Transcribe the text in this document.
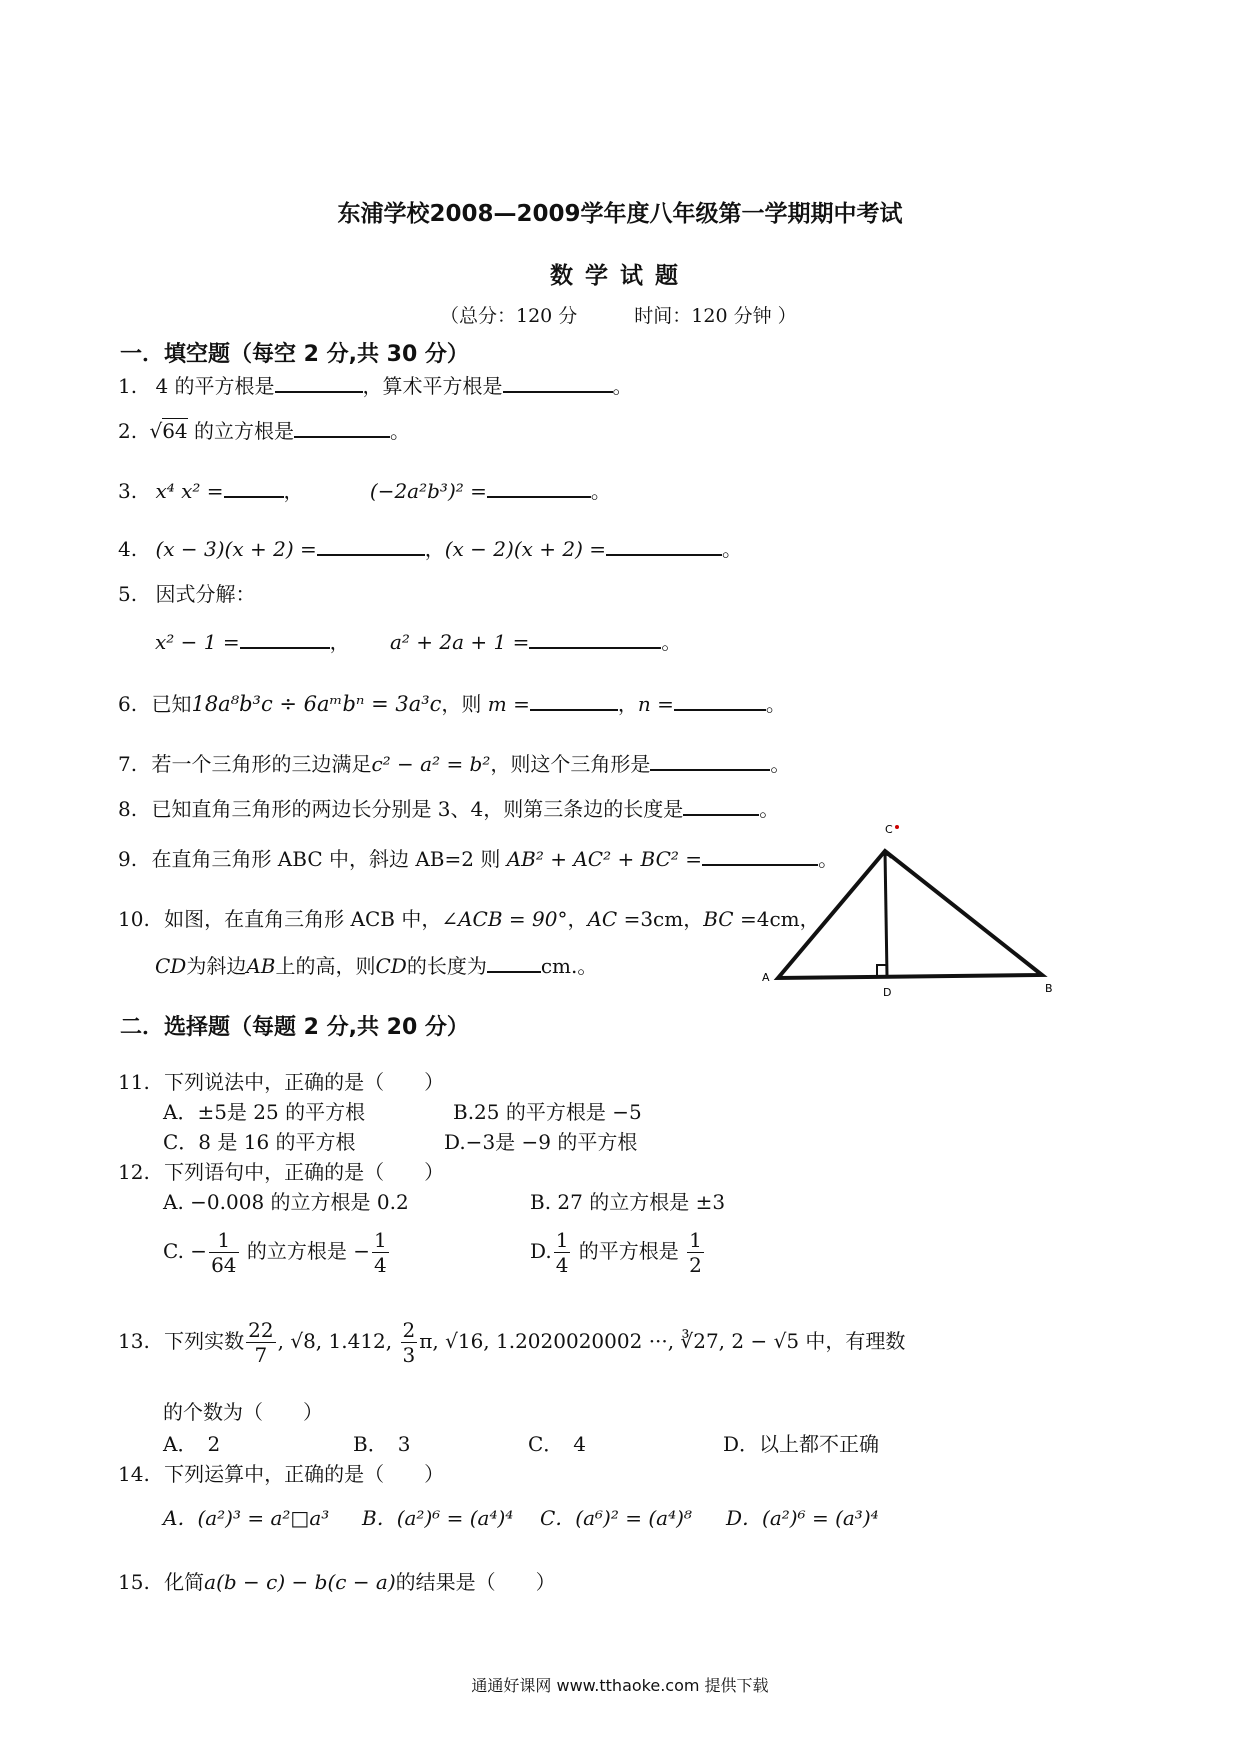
东浦学校2008—2009学年度八年级第一学期期中考试
数学试题
（总分：120 分　　　时间：120 分钟 ）
一．填空题（每空 2 分,共 30 分）
1. 4 的平方根是	，算术平方根是	。
2. √64 的立方根是	。
3. x⁴ x² =	，	(−2a²b³)² =	。
4. (x − 3)(x + 2) =	，(x − 2)(x + 2) =	。
5. 因式分解：
x² − 1 =	， a² + 2a + 1 =	。
6. 已知18a⁸b³c ÷ 6aᵐbⁿ = 3a³c，则 m =	，n =	。
7. 若一个三角形的三边满足c² − a² = b²，则这个三角形是	。
8. 已知直角三角形的两边长分别是 3、4，则第三条边的长度是	。
9. 在直角三角形 ABC 中，斜边 AB=2 则 AB² + AC² + BC² =	。
10. 如图，在直角三角形 ACB 中，∠ACB = 90°，AC =3cm，BC =4cm，
CD为斜边AB上的高，则CD的长度为	cm.。
C
A
B
D
二．选择题（每题 2 分,共 20 分）
11. 下列说法中，正确的是（　　）
A．±5是 25 的平方根	B.25 的平方根是 −5
C．8 是 16 的平方根	D.−3是 −9 的平方根
12. 下列语句中，正确的是（　　）
A. −0.008 的立方根是 0.2	B. 27 的立方根是 ±3
C. − $\frac{1}{64}$ 的立方根是 − $\frac{1}{4}$	D. $\frac{1}{4}$ 的平方根是 $\frac{1}{2}$
13. 下列实数 $\frac{22}{7}$ , √8, 1.412, $\frac{2}{3} \pi$, √16, 1.2020020002 ···, ∛27, 2 − √5 中，有理数
的个数为（　　）
A．　2	B．　3	C．　4	D．以上都不正确
14. 下列运算中，正确的是（　　）
A．(a²)³ = a²□a³ B．(a²)⁶ = (a⁴)⁴ C．(a⁶)² = (a⁴)⁸ D．(a²)⁶ = (a³)⁴
15. 化简a(b − c) − b(c − a)的结果是（　　）
通通好课网 www.tthaoke.com 提供下载
